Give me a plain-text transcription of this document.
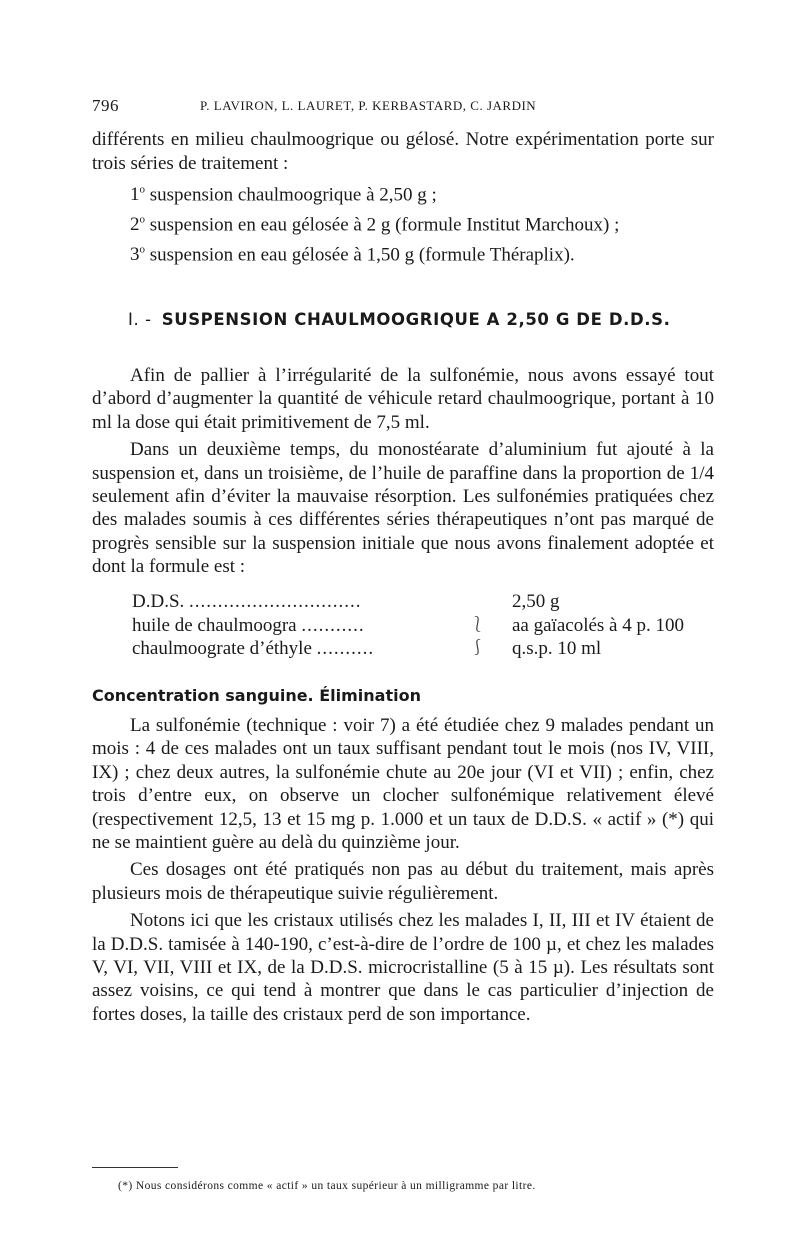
796	P. LAVIRON, L. LAURET, P. KERBASTARD, C. JARDIN

différents en milieu chaulmoogrique ou gélosé. Notre expérimentation porte sur trois séries de traitement :

1$^o$ suspension chaulmoogrique à 2,50 g ;
2$^o$ suspension en eau gélosée à 2 g (formule Institut Marchoux) ;
3$^o$ suspension en eau gélosée à 1,50 g (formule Théraplix).
I. - SUSPENSION CHAULMOOGRIQUE A 2,50 G DE D.D.S.

Afin de pallier à l’irrégularité de la sulfonémie, nous avons essayé tout d’abord d’augmenter la quantité de véhicule retard chaulmoogrique, portant à 10 ml la dose qui était primitivement de 7,5 ml.

Dans un deuxième temps, du monostéarate d’aluminium fut ajouté à la suspension et, dans un troisième, de l’huile de paraffine dans la proportion de 1/4 seulement afin d’éviter la mauvaise résorption. Les sulfonémies pratiquées chez des malades soumis à ces différentes séries thérapeutiques n’ont pas marqué de progrès sensible sur la suspension initiale que nous avons finalement adoptée et dont la formule est :

D.D.S. ..............................	2,50 g
huile de chaulmoogra ...........	⎱ aa gaïacolés à 4 p. 100
chaulmoograte d’éthyle ..........	⎰ q.s.p. 10 ml
Concentration sanguine. Élimination

La sulfonémie (technique : voir 7) a été étudiée chez 9 malades pendant un mois : 4 de ces malades ont un taux suffisant pendant tout le mois (nos IV, VIII, IX) ; chez deux autres, la sulfonémie chute au 20e jour (VI et VII) ; enfin, chez trois d’entre eux, on observe un clocher sulfonémique relativement élevé (respectivement 12,5, 13 et 15 mg p. 1.000 et un taux de D.D.S. « actif » (*) qui ne se maintient guère au delà du quinzième jour.

Ces dosages ont été pratiqués non pas au début du traitement, mais après plusieurs mois de thérapeutique suivie régulièrement.

Notons ici que les cristaux utilisés chez les malades I, II, III et IV étaient de la D.D.S. tamisée à 140-190, c’est-à-dire de l’ordre de 100 µ, et chez les malades V, VI, VII, VIII et IX, de la D.D.S. microcristalline (5 à 15 µ). Les résultats sont assez voisins, ce qui tend à montrer que dans le cas particulier d’injection de fortes doses, la taille des cristaux perd de son importance.

(*) Nous considérons comme « actif » un taux supérieur à un milligramme par litre.
